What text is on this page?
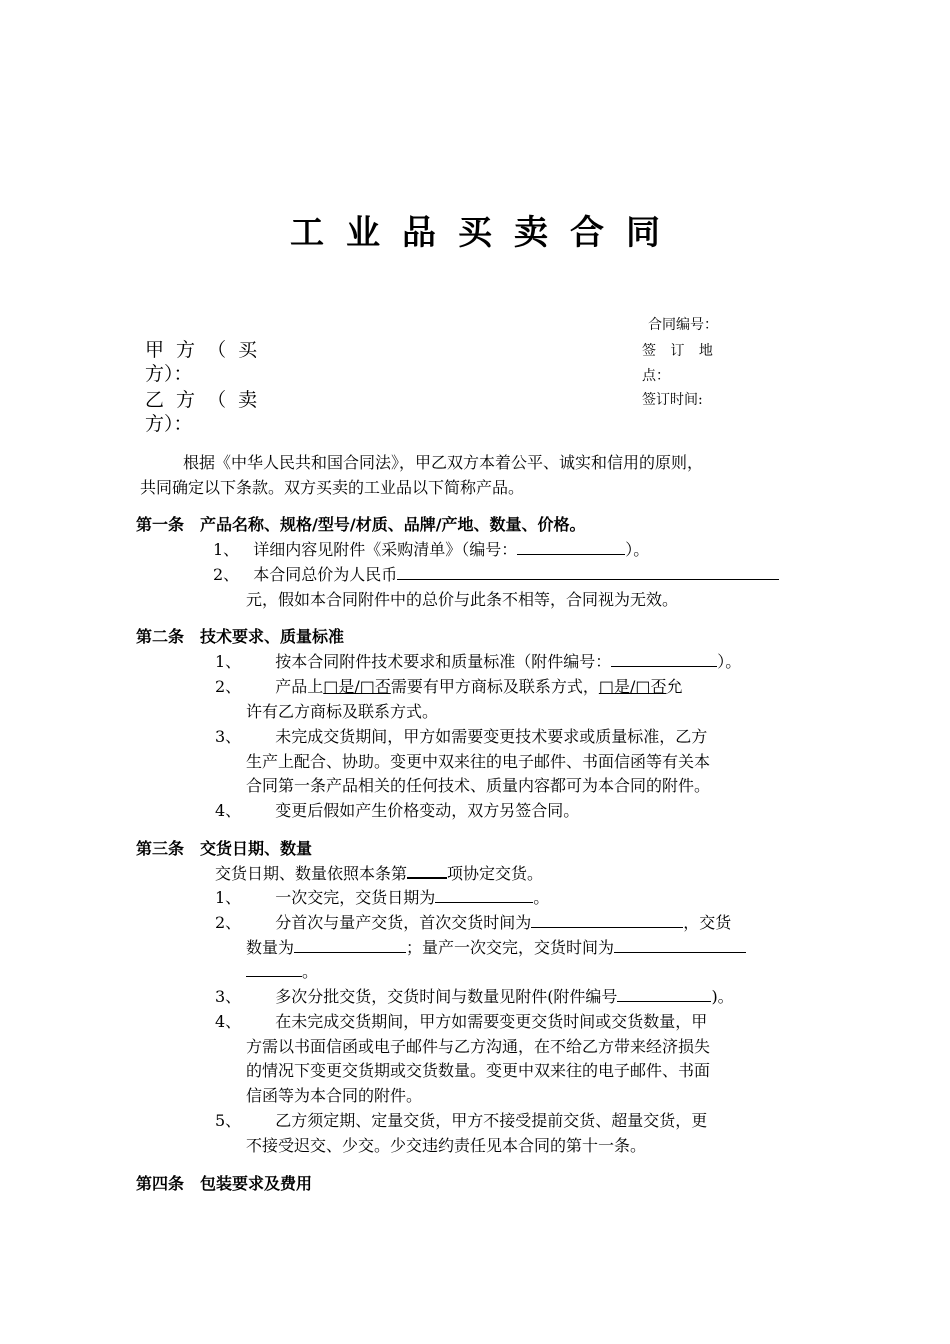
工业品买卖合同
合同编号：
签 订 地
点：
签订时间:
甲 方 （ 买
方）：
乙 方 （ 卖
方）：
根据《中华人民共和国合同法》，甲乙双方本着公平、诚实和信用的原则，
共同确定以下条款。双方买卖的工业品以下简称产品。
第一条　产品名称、规格/型号/材质、品牌/产地、数量、价格。
1、 详细内容见附件《采购清单》（编号：	）。
2、 本合同总价为人民币
元，假如本合同附件中的总价与此条不相等，合同视为无效。
第二条　技术要求、质量标准
1、 按本合同附件技术要求和质量标准（附件编号：	）。
2、 产品上□是/□否需要有甲方商标及联系方式，□是/□否允
许有乙方商标及联系方式。
3、 未完成交货期间，甲方如需要变更技术要求或质量标准，乙方
生产上配合、协助。变更中双来往的电子邮件、书面信函等有关本
合同第一条产品相关的任何技术、质量内容都可为本合同的附件。
4、 变更后假如产生价格变动，双方另签合同。
第三条　交货日期、数量
交货日期、数量依照本条第	项协定交货。
1、 一次交完，交货日期为	。
2、 分首次与量产交货，首次交货时间为	，交货
数量为	；量产一次交完，交货时间为
。
3、 多次分批交货，交货时间与数量见附件(附件编号	)。
4、 在未完成交货期间，甲方如需要变更交货时间或交货数量，甲
方需以书面信函或电子邮件与乙方沟通，在不给乙方带来经济损失
的情况下变更交货期或交货数量。变更中双来往的电子邮件、书面
信函等为本合同的附件。
5、 乙方须定期、定量交货，甲方不接受提前交货、超量交货，更
不接受迟交、少交。少交违约责任见本合同的第十一条。
第四条　包装要求及费用
